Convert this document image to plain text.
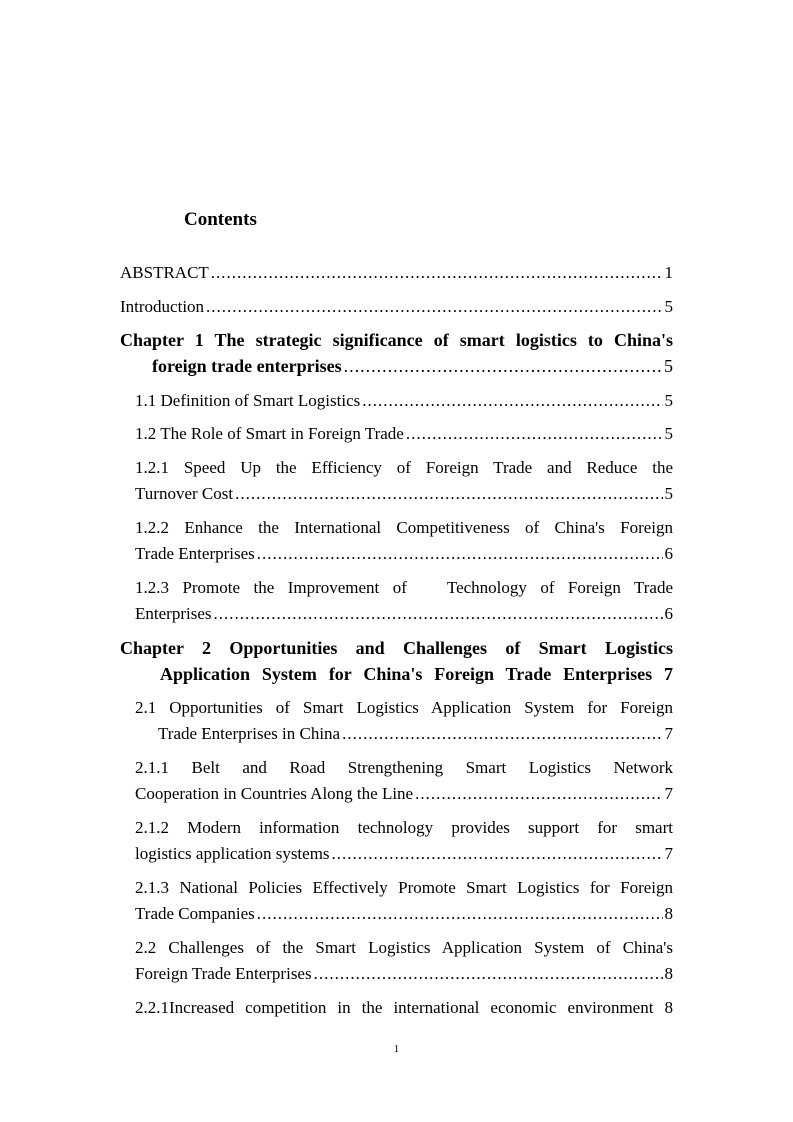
Contents
ABSTRACT .....	1
Introduction .....	5
Chapter 1 The strategic significance of smart logistics to China's
foreign trade enterprises .....	5
1.1 Definition of Smart Logistics .....	5
1.2 The Role of Smart in Foreign Trade .....	5
1.2.1 Speed Up the Efficiency of Foreign Trade and Reduce the
Turnover Cost .....	5
1.2.2 Enhance the International Competitiveness of China's Foreign
Trade Enterprises .....	6
1.2.3 Promote the Improvement of   Technology of Foreign Trade
Enterprises .....	6
Chapter 2 Opportunities and Challenges of Smart Logistics
Application System for China's Foreign Trade Enterprises 7
2.1 Opportunities of Smart Logistics Application System for Foreign
Trade Enterprises in China .....	7
2.1.1 Belt and Road Strengthening Smart Logistics Network
Cooperation in Countries Along the Line .....	7
2.1.2 Modern information technology provides support for smart
logistics application systems .....	7
2.1.3 National Policies Effectively Promote Smart Logistics for Foreign
Trade Companies .....	8
2.2 Challenges of the Smart Logistics Application System of China's
Foreign Trade Enterprises .....	8
2.2.1Increased competition in the international economic environment 8
1
